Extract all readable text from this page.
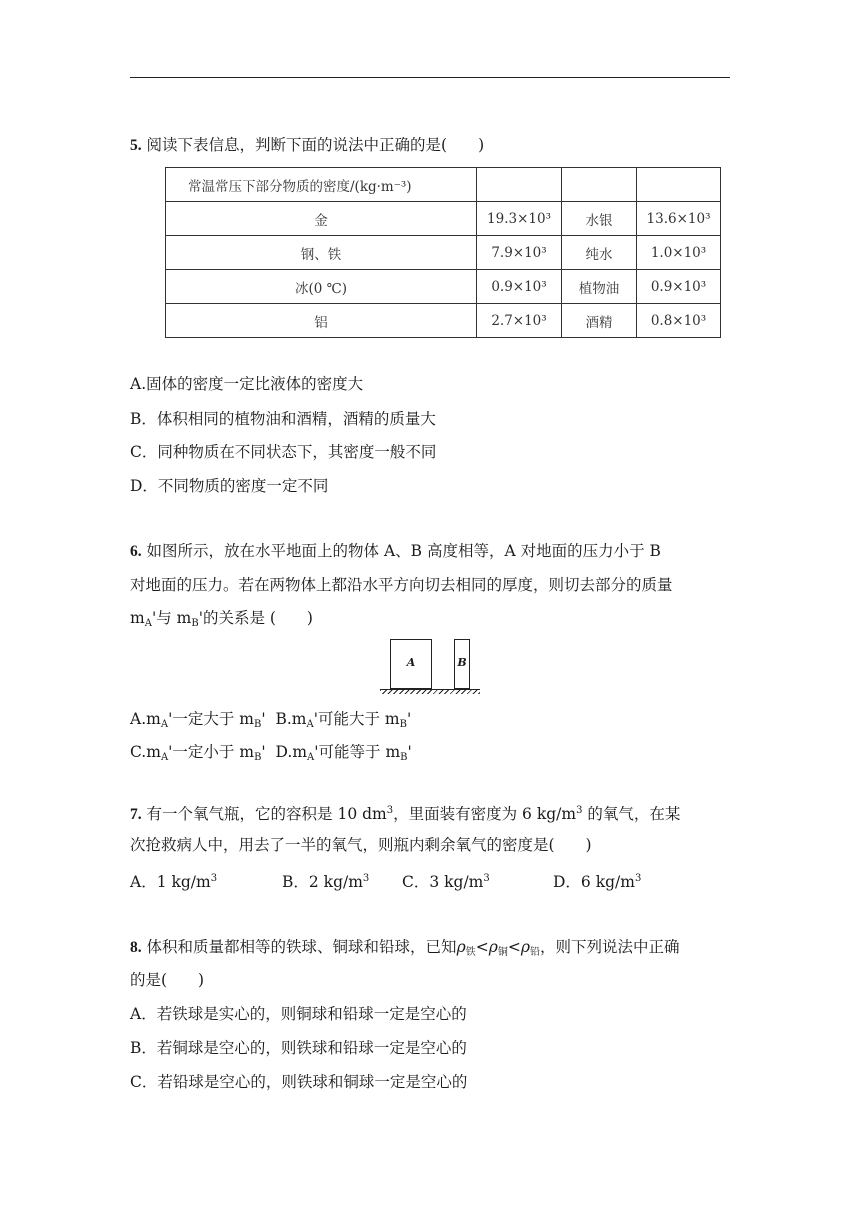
5. 阅读下表信息，判断下面的说法中正确的是(　　)
常温常压下部分物质的密度/(kg·m⁻³)			
金	19.3×10³	水银	13.6×10³
钢、铁	7.9×10³	纯水	1.0×10³
冰(0 ℃)	0.9×10³	植物油	0.9×10³
铝	2.7×10³	酒精	0.8×10³
A.固体的密度一定比液体的密度大
B．体积相同的植物油和酒精，酒精的质量大
C．同种物质在不同状态下，其密度一般不同
D．不同物质的密度一定不同
6. 如图所示，放在水平地面上的物体 A、B 高度相等，A 对地面的压力小于 B
对地面的压力。若在两物体上都沿水平方向切去相同的厚度，则切去部分的质量
$m_A'$与 $m_B'$的关系是 (　　)
A	B
$A.m_A'$一定大于 $m_B'$ $B.m_A'$可能大于 $m_B'$
$C.m_A'$一定小于 $m_B'$ $D.m_A'$可能等于 $m_B'$
7. 有一个氧气瓶，它的容积是 10 $dm^3$，里面装有密度为 6 $kg/m^3$ 的氧气，在某
次抢救病人中，用去了一半的氧气，则瓶内剩余氧气的密度是(　　)
A．1 $kg/m^3$	B．2 $kg/m^3$ C．3 $kg/m^3$	D．6 $kg/m^3$
8. 体积和质量都相等的铁球、铜球和铅球，已知$\rho_铁<\rho_铜<\rho_铅$，则下列说法中正确
的是(　　)
A．若铁球是实心的，则铜球和铅球一定是空心的
B．若铜球是空心的，则铁球和铅球一定是空心的
C．若铅球是空心的，则铁球和铜球一定是空心的
